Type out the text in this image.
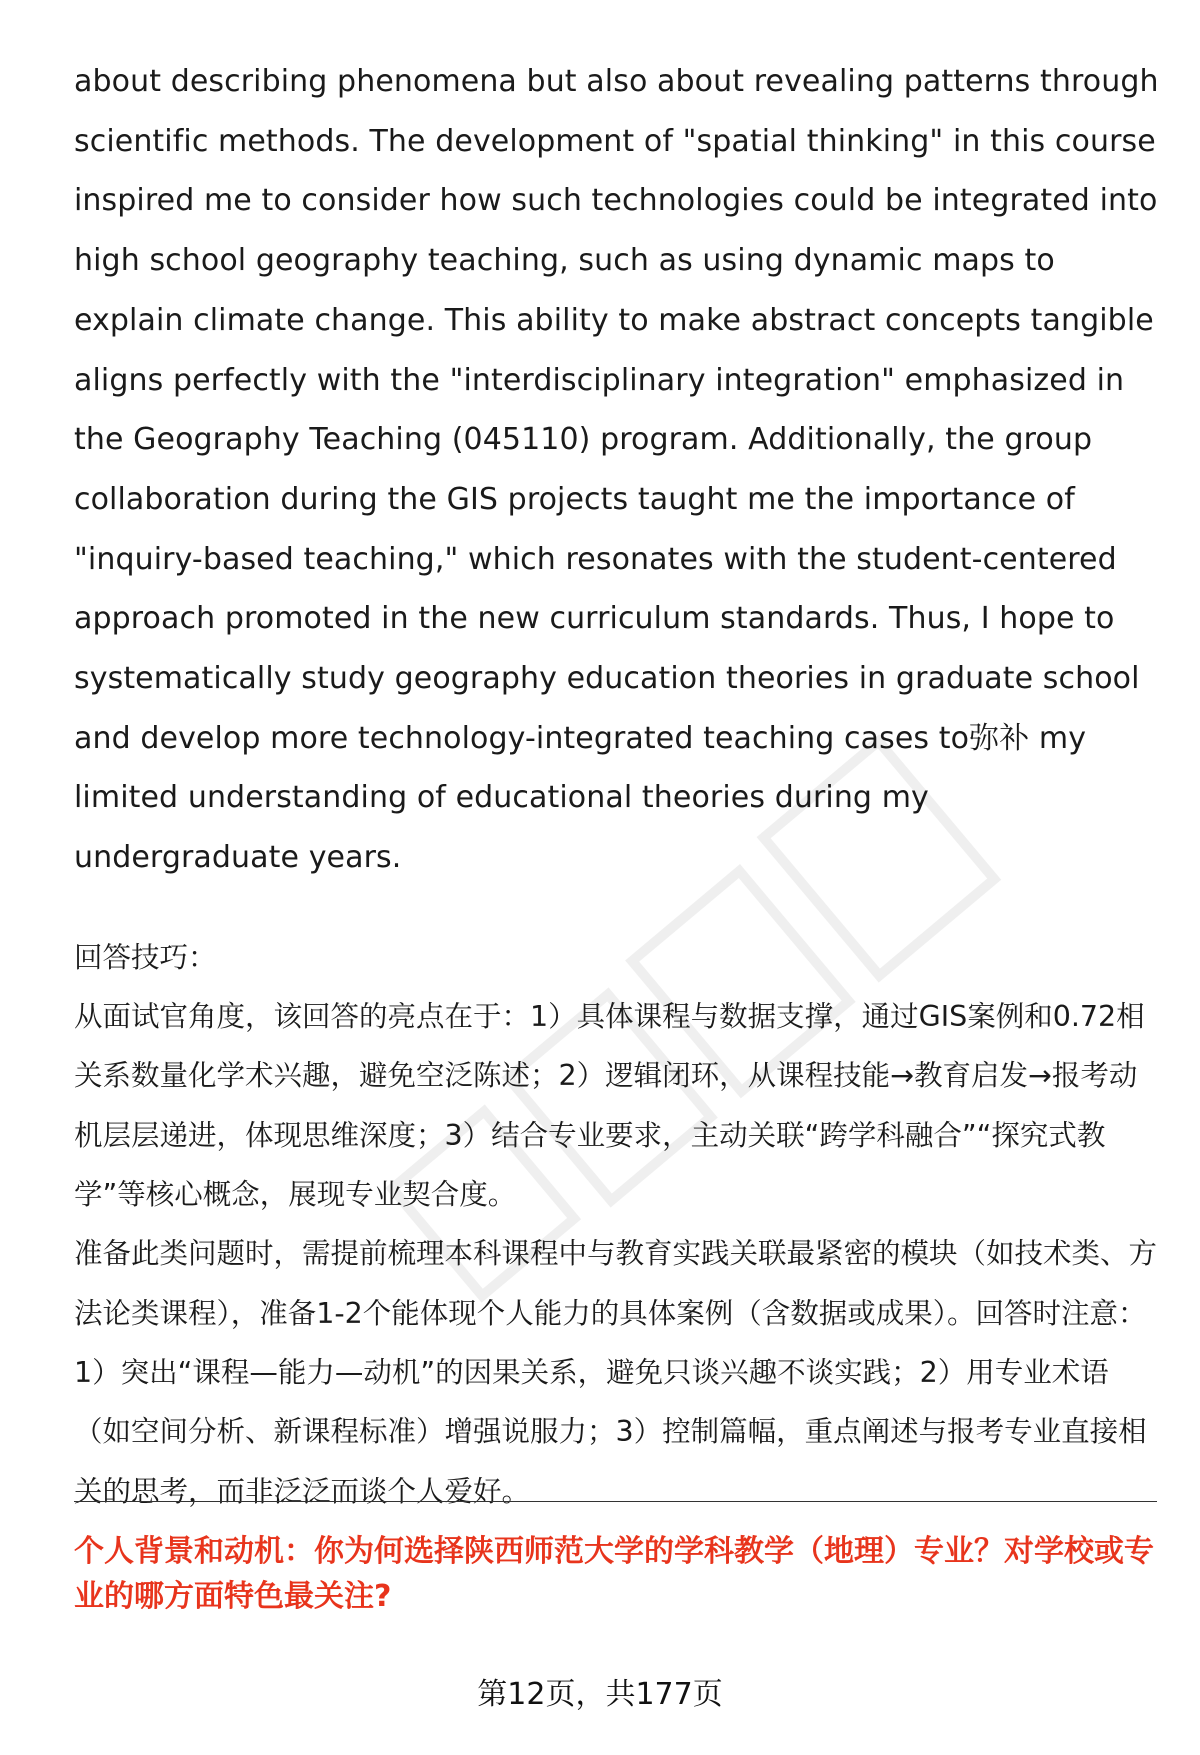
about describing phenomena but also about revealing patterns through scientific methods. The development of "spatial thinking" in this course inspired me to consider how such technologies could be integrated into high school geography teaching, such as using dynamic maps to explain climate change. This ability to make abstract concepts tangible aligns perfectly with the "interdisciplinary integration" emphasized in the Geography Teaching (045110) program. Additionally, the group collaboration during the GIS projects taught me the importance of "inquiry-based teaching," which resonates with the student-centered approach promoted in the new curriculum standards. Thus, I hope to systematically study geography education theories in graduate school and develop more technology-integrated teaching cases to弥补 my limited understanding of educational theories during my undergraduate years.

回答技巧：

从面试官角度，该回答的亮点在于：1）具体课程与数据支撑，通过GIS案例和0.72相关系数量化学术兴趣，避免空泛陈述；2）逻辑闭环，从课程技能→教育启发→报考动机层层递进，体现思维深度；3）结合专业要求，主动关联“跨学科融合”“探究式教学”等核心概念，展现专业契合度。

准备此类问题时，需提前梳理本科课程中与教育实践关联最紧密的模块（如技术类、方法论类课程），准备1-2个能体现个人能力的具体案例（含数据或成果）。回答时注意：1）突出“课程—能力—动机”的因果关系，避免只谈兴趣不谈实践；2）用专业术语（如空间分析、新课程标准）增强说服力；3）控制篇幅，重点阐述与报考专业直接相关的思考，而非泛泛而谈个人爱好。

个人背景和动机：你为何选择陕西师范大学的学科教学（地理）专业？对学校或专业的哪方面特色最关注?

第12页，共177页
